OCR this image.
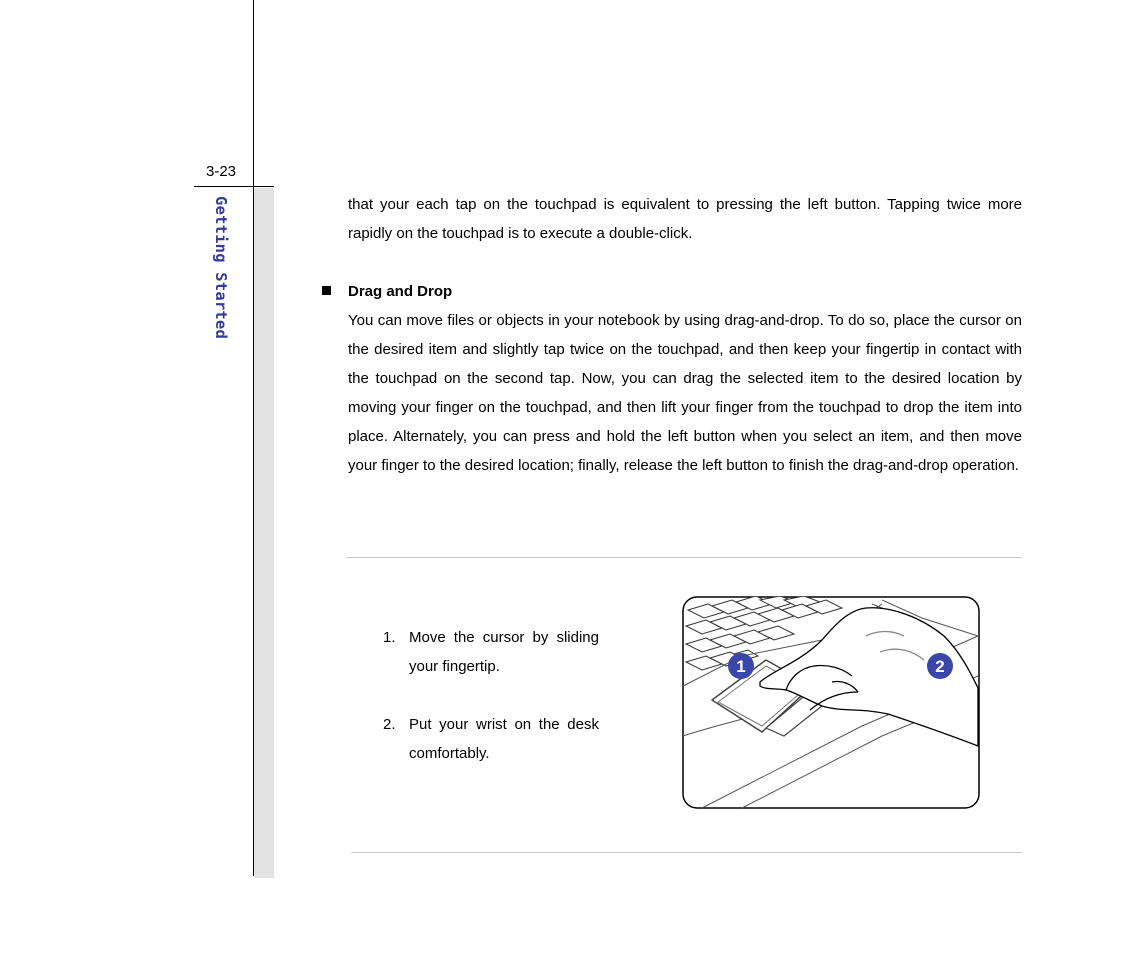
3-23
Getting Started	that your each tap on the touchpad is equivalent to pressing the left button. Tapping twice more rapidly on the touchpad is to execute a double-click.
Drag and Drop
You can move files or objects in your notebook by using drag-and-drop. To do so, place the cursor on the desired item and slightly tap twice on the touchpad, and then keep your fingertip in contact with the touchpad on the second tap. Now, you can drag the selected item to the desired location by moving your finger on the touchpad, and then lift your finger from the touchpad to drop the item into place. Alternately, you can press and hold the left button when you select an item, and then move your finger to the desired location; finally, release the left button to finish the drag-and-drop operation.
1. Move the cursor by sliding your fingertip.
2. Put your wrist on the desk comfortably.
1	2
